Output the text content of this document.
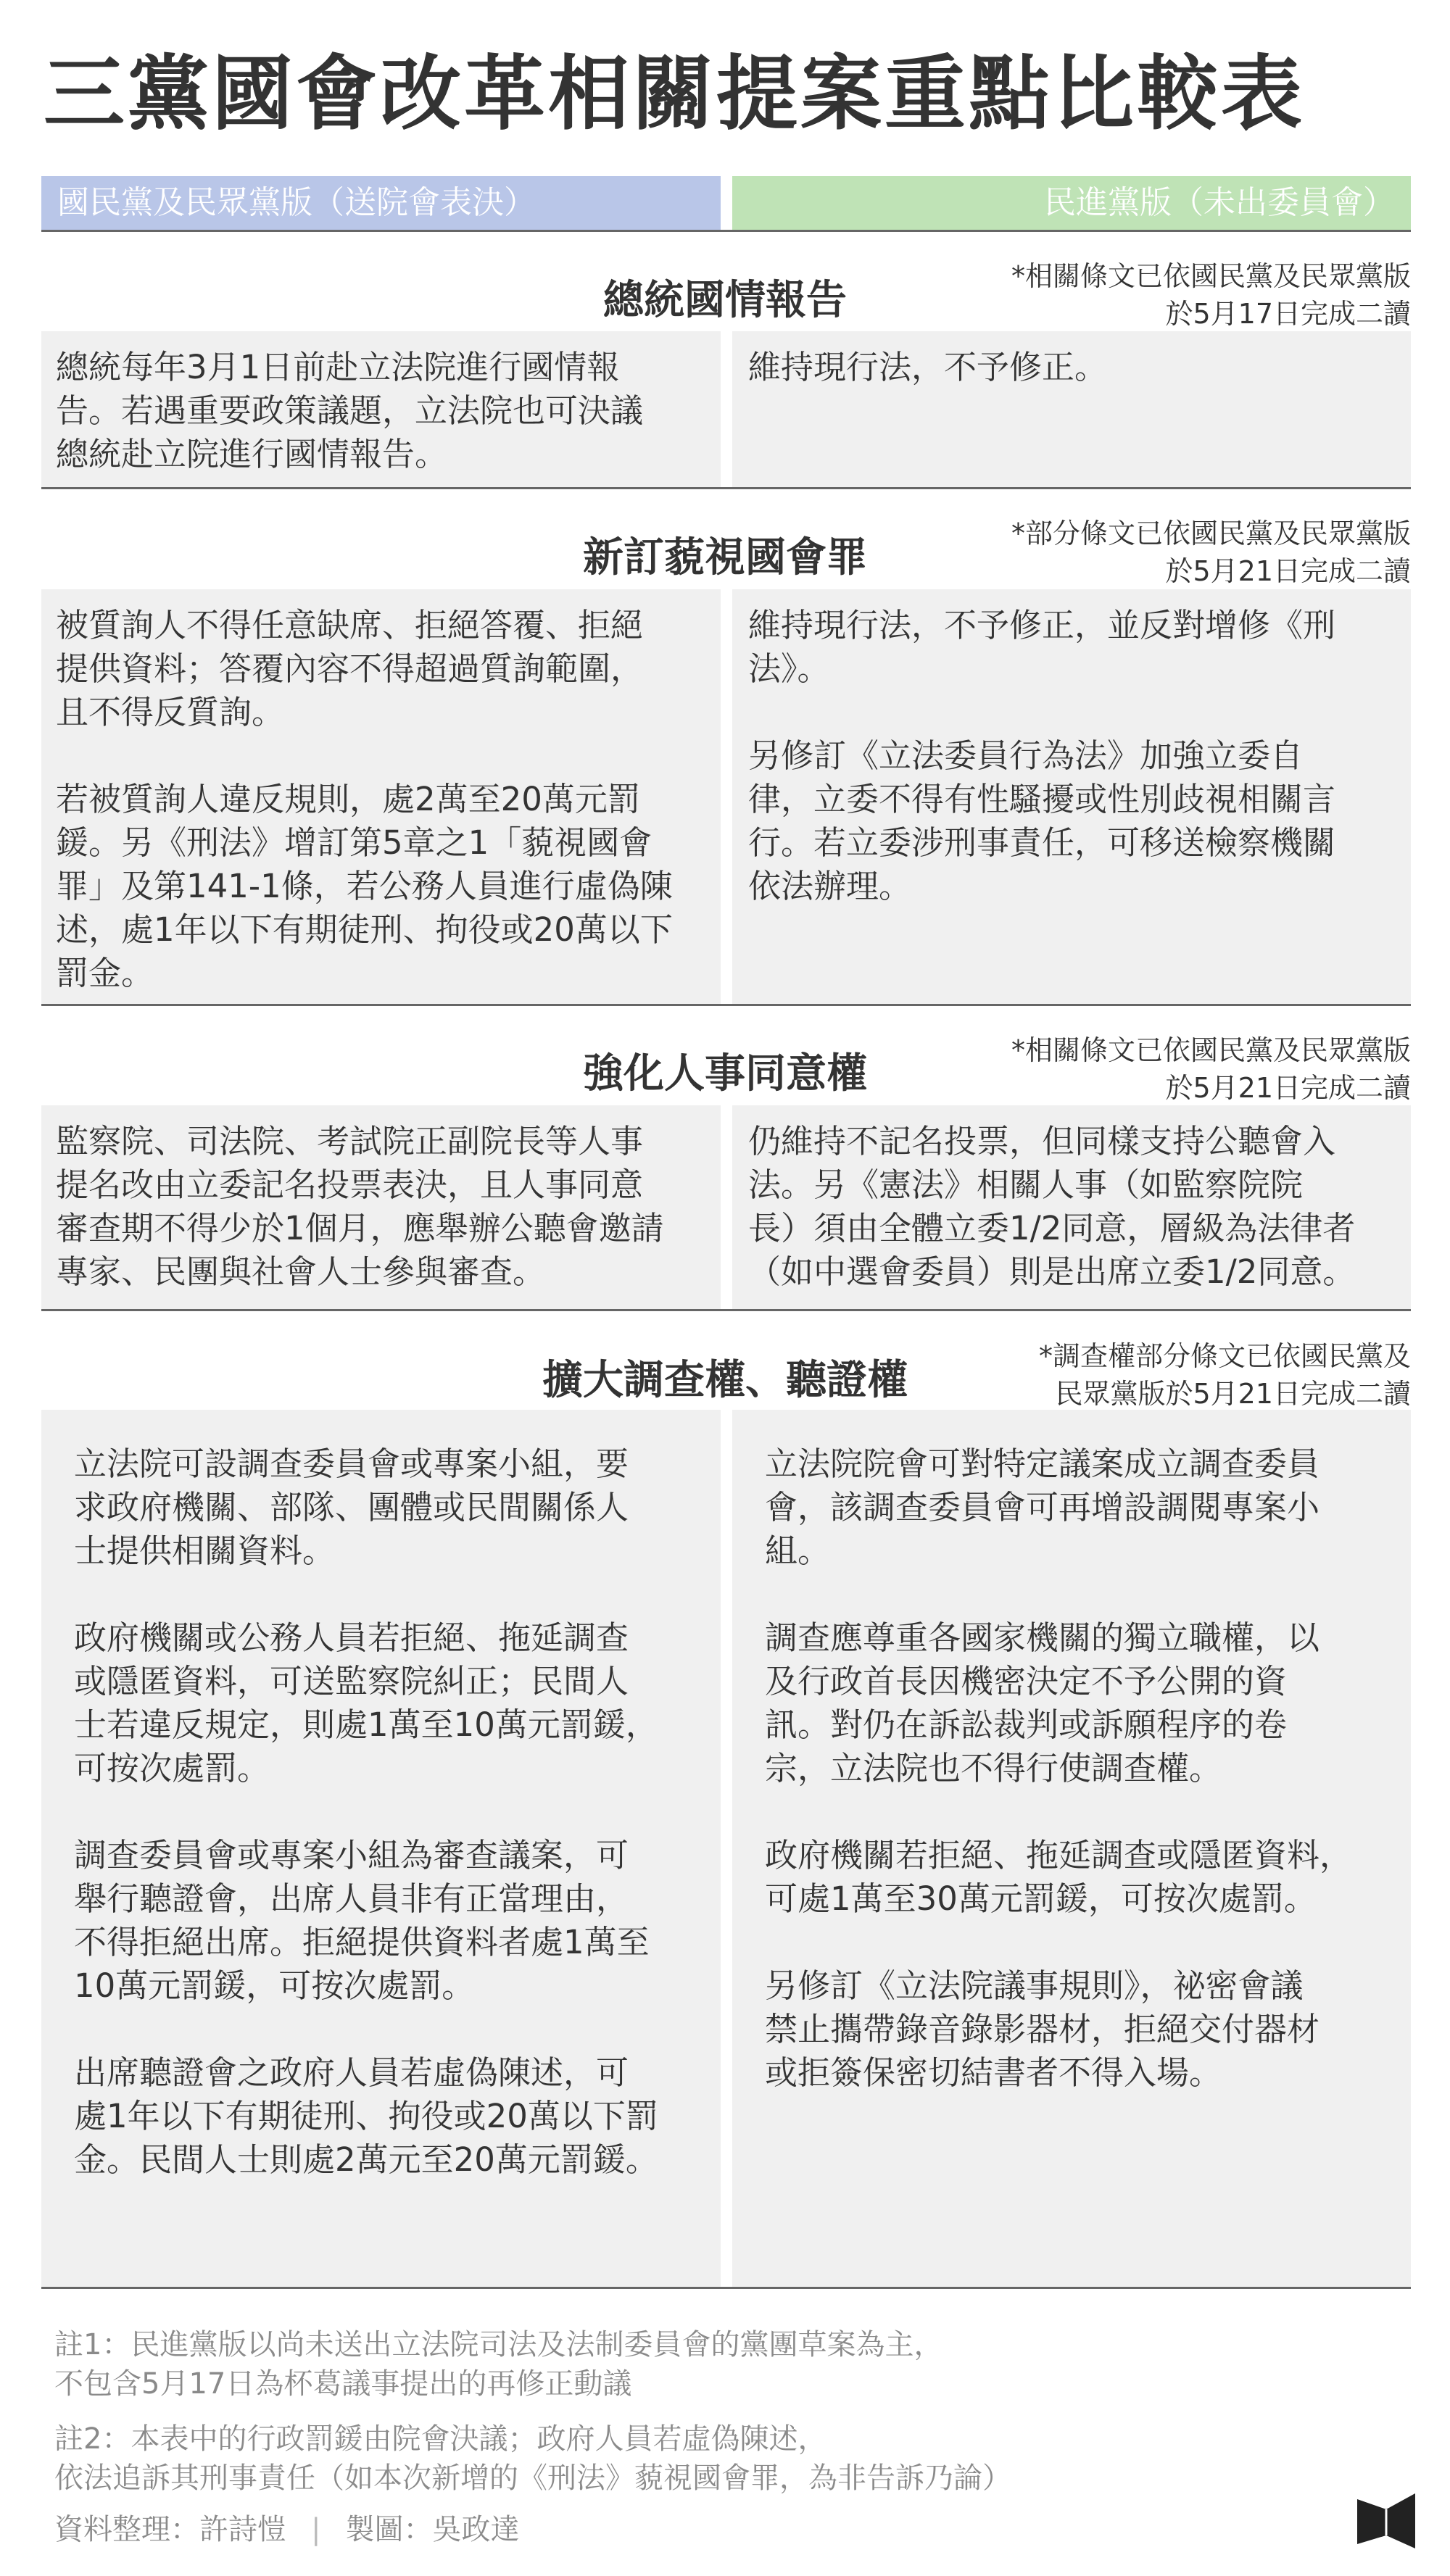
三黨國會改革相關提案重點比較表
國民黨及民眾黨版（送院會表決）	民進黨版（未出委員會）
總統國情報告
*相關條文已依國民黨及民眾黨版
於5月17日完成二讀

總統每年3月1日前赴立法院進行國情報
告。若遇重要政策議題，立法院也可決議
總統赴立院進行國情報告。

維持現行法，不予修正。

新訂藐視國會罪
*部分條文已依國民黨及民眾黨版
於5月21日完成二讀

被質詢人不得任意缺席、拒絕答覆、拒絕
提供資料；答覆內容不得超過質詢範圍，
且不得反質詢。

若被質詢人違反規則，處2萬至20萬元罰
鍰。另《刑法》增訂第5章之1「藐視國會
罪」及第141-1條，若公務人員進行虛偽陳
述，處1年以下有期徒刑、拘役或20萬以下
罰金。

維持現行法，不予修正，並反對增修《刑
法》。

另修訂《立法委員行為法》加強立委自
律，立委不得有性騷擾或性別歧視相關言
行。若立委涉刑事責任，可移送檢察機關
依法辦理。

強化人事同意權	*相關條文已依國民黨及民眾黨版
於5月21日完成二讀

監察院、司法院、考試院正副院長等人事
提名改由立委記名投票表決，且人事同意
審查期不得少於1個月，應舉辦公聽會邀請
專家、民團與社會人士參與審查。

仍維持不記名投票，但同樣支持公聽會入
法。另《憲法》相關人事（如監察院院
長）須由全體立委1/2同意，層級為法律者
（如中選會委員）則是出席立委1/2同意。

擴大調查權、聽證權
*調查權部分條文已依國民黨及
民眾黨版於5月21日完成二讀

立法院可設調查委員會或專案小組，要
求政府機關、部隊、團體或民間關係人
士提供相關資料。

政府機關或公務人員若拒絕、拖延調查
或隱匿資料，可送監察院糾正；民間人
士若違反規定，則處1萬至10萬元罰鍰，
可按次處罰。

調查委員會或專案小組為審查議案，可
舉行聽證會，出席人員非有正當理由，
不得拒絕出席。拒絕提供資料者處1萬至
10萬元罰鍰，可按次處罰。

出席聽證會之政府人員若虛偽陳述，可
處1年以下有期徒刑、拘役或20萬以下罰
金。民間人士則處2萬元至20萬元罰鍰。

立法院院會可對特定議案成立調查委員
會，該調查委員會可再增設調閱專案小
組。

調查應尊重各國家機關的獨立職權，以
及行政首長因機密決定不予公開的資
訊。對仍在訴訟裁判或訴願程序的卷
宗，立法院也不得行使調查權。

政府機關若拒絕、拖延調查或隱匿資料，
可處1萬至30萬元罰鍰，可按次處罰。

另修訂《立法院議事規則》，祕密會議
禁止攜帶錄音錄影器材，拒絕交付器材
或拒簽保密切結書者不得入場。

註1：民進黨版以尚未送出立法院司法及法制委員會的黨團草案為主，
不包含5月17日為杯葛議事提出的再修正動議
註2：本表中的行政罰鍰由院會決議；政府人員若虛偽陳述，
依法追訴其刑事責任（如本次新增的《刑法》藐視國會罪，為非告訴乃論）
資料整理：許詩愷 | 製圖：吳政達
